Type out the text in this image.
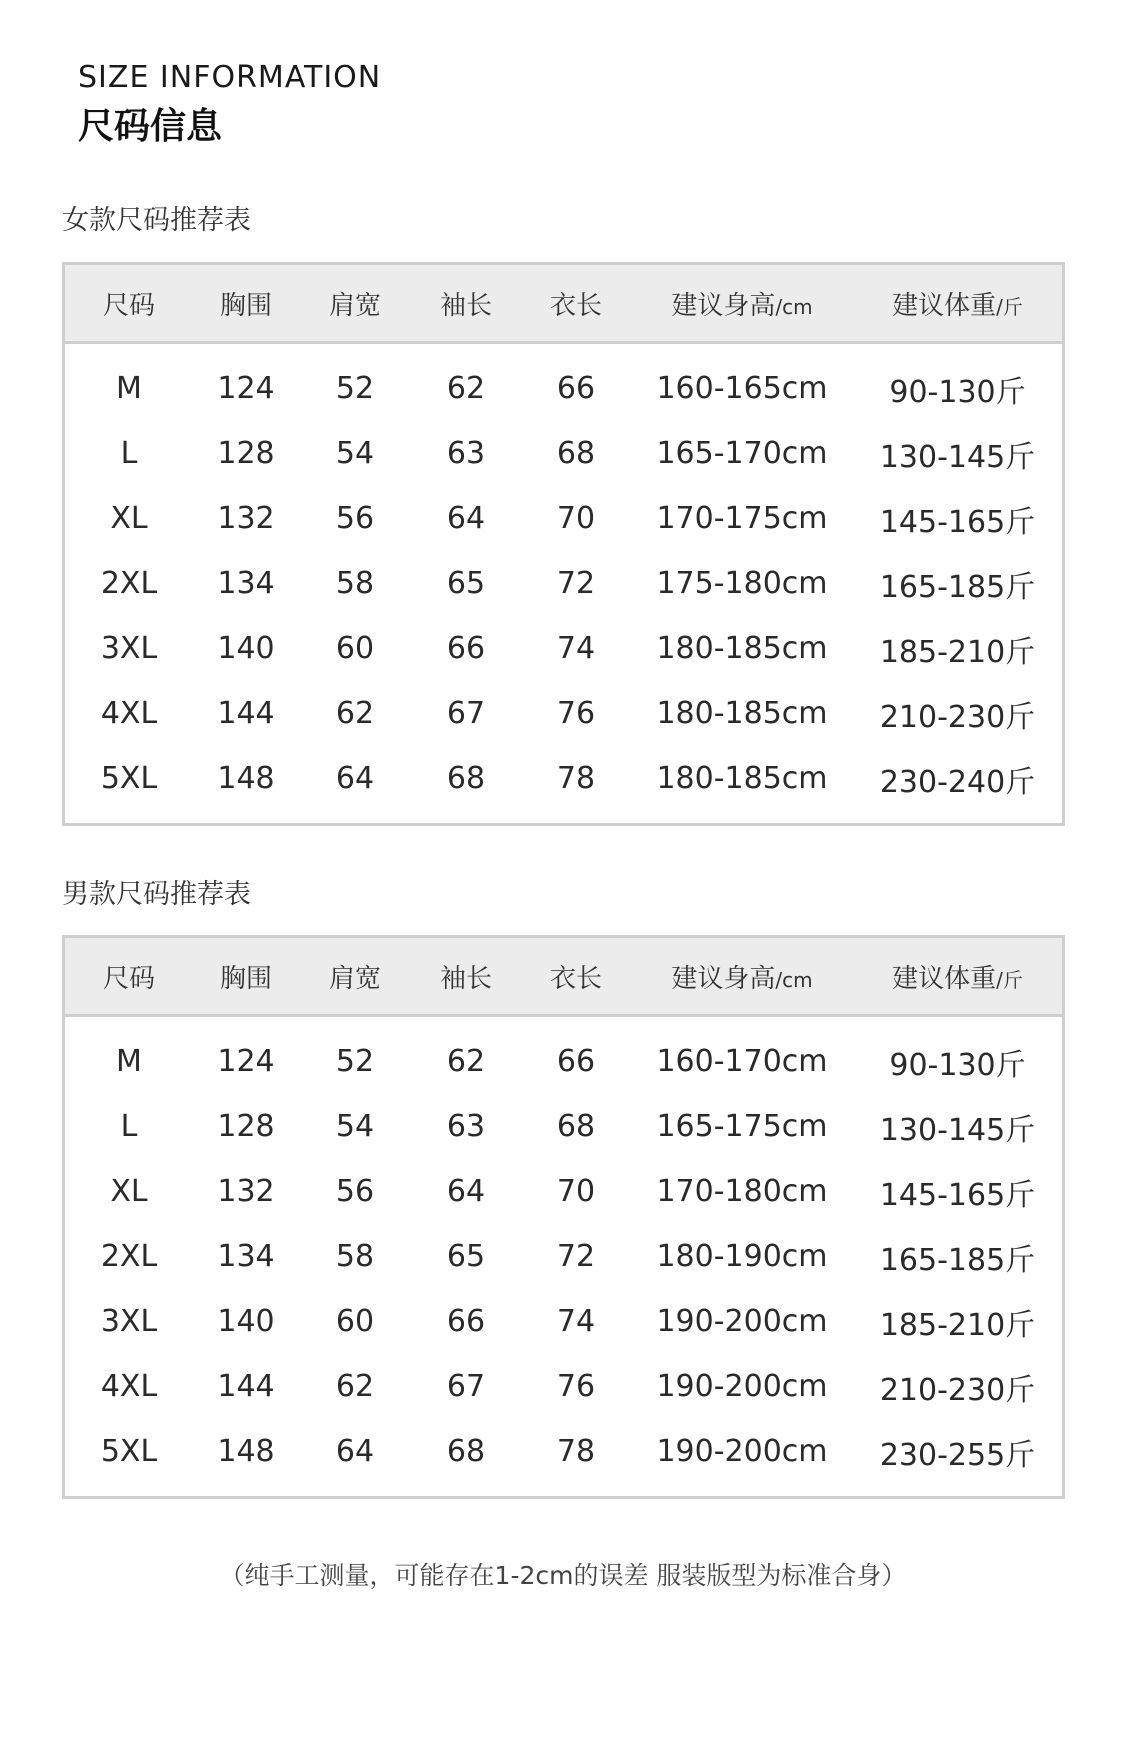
SIZE INFORMATION
尺码信息
女款尺码推荐表
尺码	胸围	肩宽	袖长	衣长	建议身高/cm	建议体重/斤
M	124	52	62	66	160-165cm	90-130斤
L	128	54	63	68	165-170cm	130-145斤
XL	132	56	64	70	170-175cm	145-165斤
2XL	134	58	65	72	175-180cm	165-185斤
3XL	140	60	66	74	180-185cm	185-210斤
4XL	144	62	67	76	180-185cm	210-230斤
5XL	148	64	68	78	180-185cm	230-240斤
男款尺码推荐表
尺码	胸围	肩宽	袖长	衣长	建议身高/cm	建议体重/斤
M	124	52	62	66	160-170cm	90-130斤
L	128	54	63	68	165-175cm	130-145斤
XL	132	56	64	70	170-180cm	145-165斤
2XL	134	58	65	72	180-190cm	165-185斤
3XL	140	60	66	74	190-200cm	185-210斤
4XL	144	62	67	76	190-200cm	210-230斤
5XL	148	64	68	78	190-200cm	230-255斤
（纯手工测量，可能存在1-2cm的误差 服装版型为标准合身）
